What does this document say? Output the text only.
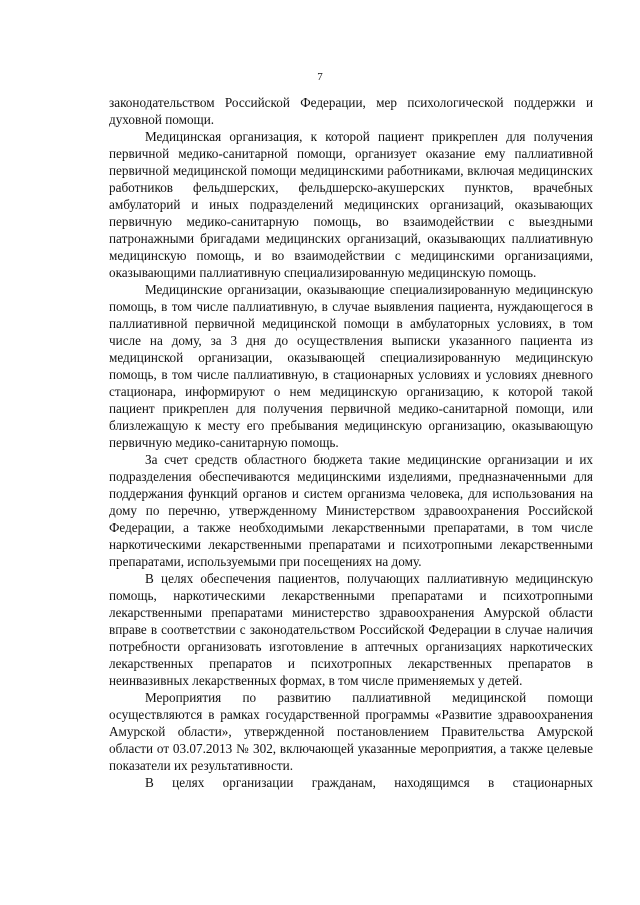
7

законодательством Российской Федерации, мер психологической поддержки и духовной помощи.

Медицинская организация, к которой пациент прикреплен для получения первичной медико-санитарной помощи, организует оказание ему паллиативной первичной медицинской помощи медицинскими работниками, включая медицинских работников фельдшерских, фельдшерско-акушерских пунктов, врачебных амбулаторий и иных подразделений медицинских организаций, оказывающих первичную медико-санитарную помощь, во взаимодействии с выездными патронажными бригадами медицинских организаций, оказывающих паллиативную медицинскую помощь, и во взаимодействии с медицинскими организациями, оказывающими паллиативную специализированную медицинскую помощь.

Медицинские организации, оказывающие специализированную медицинскую помощь, в том числе паллиативную, в случае выявления пациента, нуждающегося в паллиативной первичной медицинской помощи в амбулаторных условиях, в том числе на дому, за 3 дня до осуществления выписки указанного пациента из медицинской организации, оказывающей специализированную медицинскую помощь, в том числе паллиативную, в стационарных условиях и условиях дневного стационара, информируют о нем медицинскую организацию, к которой такой пациент прикреплен для получения первичной медико-санитарной помощи, или близлежащую к месту его пребывания медицинскую организацию, оказывающую первичную медико-санитарную помощь.

За счет средств областного бюджета такие медицинские организации и их подразделения обеспечиваются медицинскими изделиями, предназначенными для поддержания функций органов и систем организма человека, для использования на дому по перечню, утвержденному Министерством здравоохранения Российской Федерации, а также необходимыми лекарственными препаратами, в том числе наркотическими лекарственными препаратами и психотропными лекарственными препаратами, используемыми при посещениях на дому.

В целях обеспечения пациентов, получающих паллиативную медицинскую помощь, наркотическими лекарственными препаратами и психотропными лекарственными препаратами министерство здравоохранения Амурской области вправе в соответствии с законодательством Российской Федерации в случае наличия потребности организовать изготовление в аптечных организациях наркотических лекарственных препаратов и психотропных лекарственных препаратов в неинвазивных лекарственных формах, в том числе применяемых у детей.

Мероприятия по развитию паллиативной медицинской помощи осуществляются в рамках государственной программы «Развитие здравоохранения Амурской области», утвержденной постановлением Правительства Амурской области от 03.07.2013 № 302, включающей указанные мероприятия, а также целевые показатели их результативности.

В целях организации гражданам, находящимся в стационарных
